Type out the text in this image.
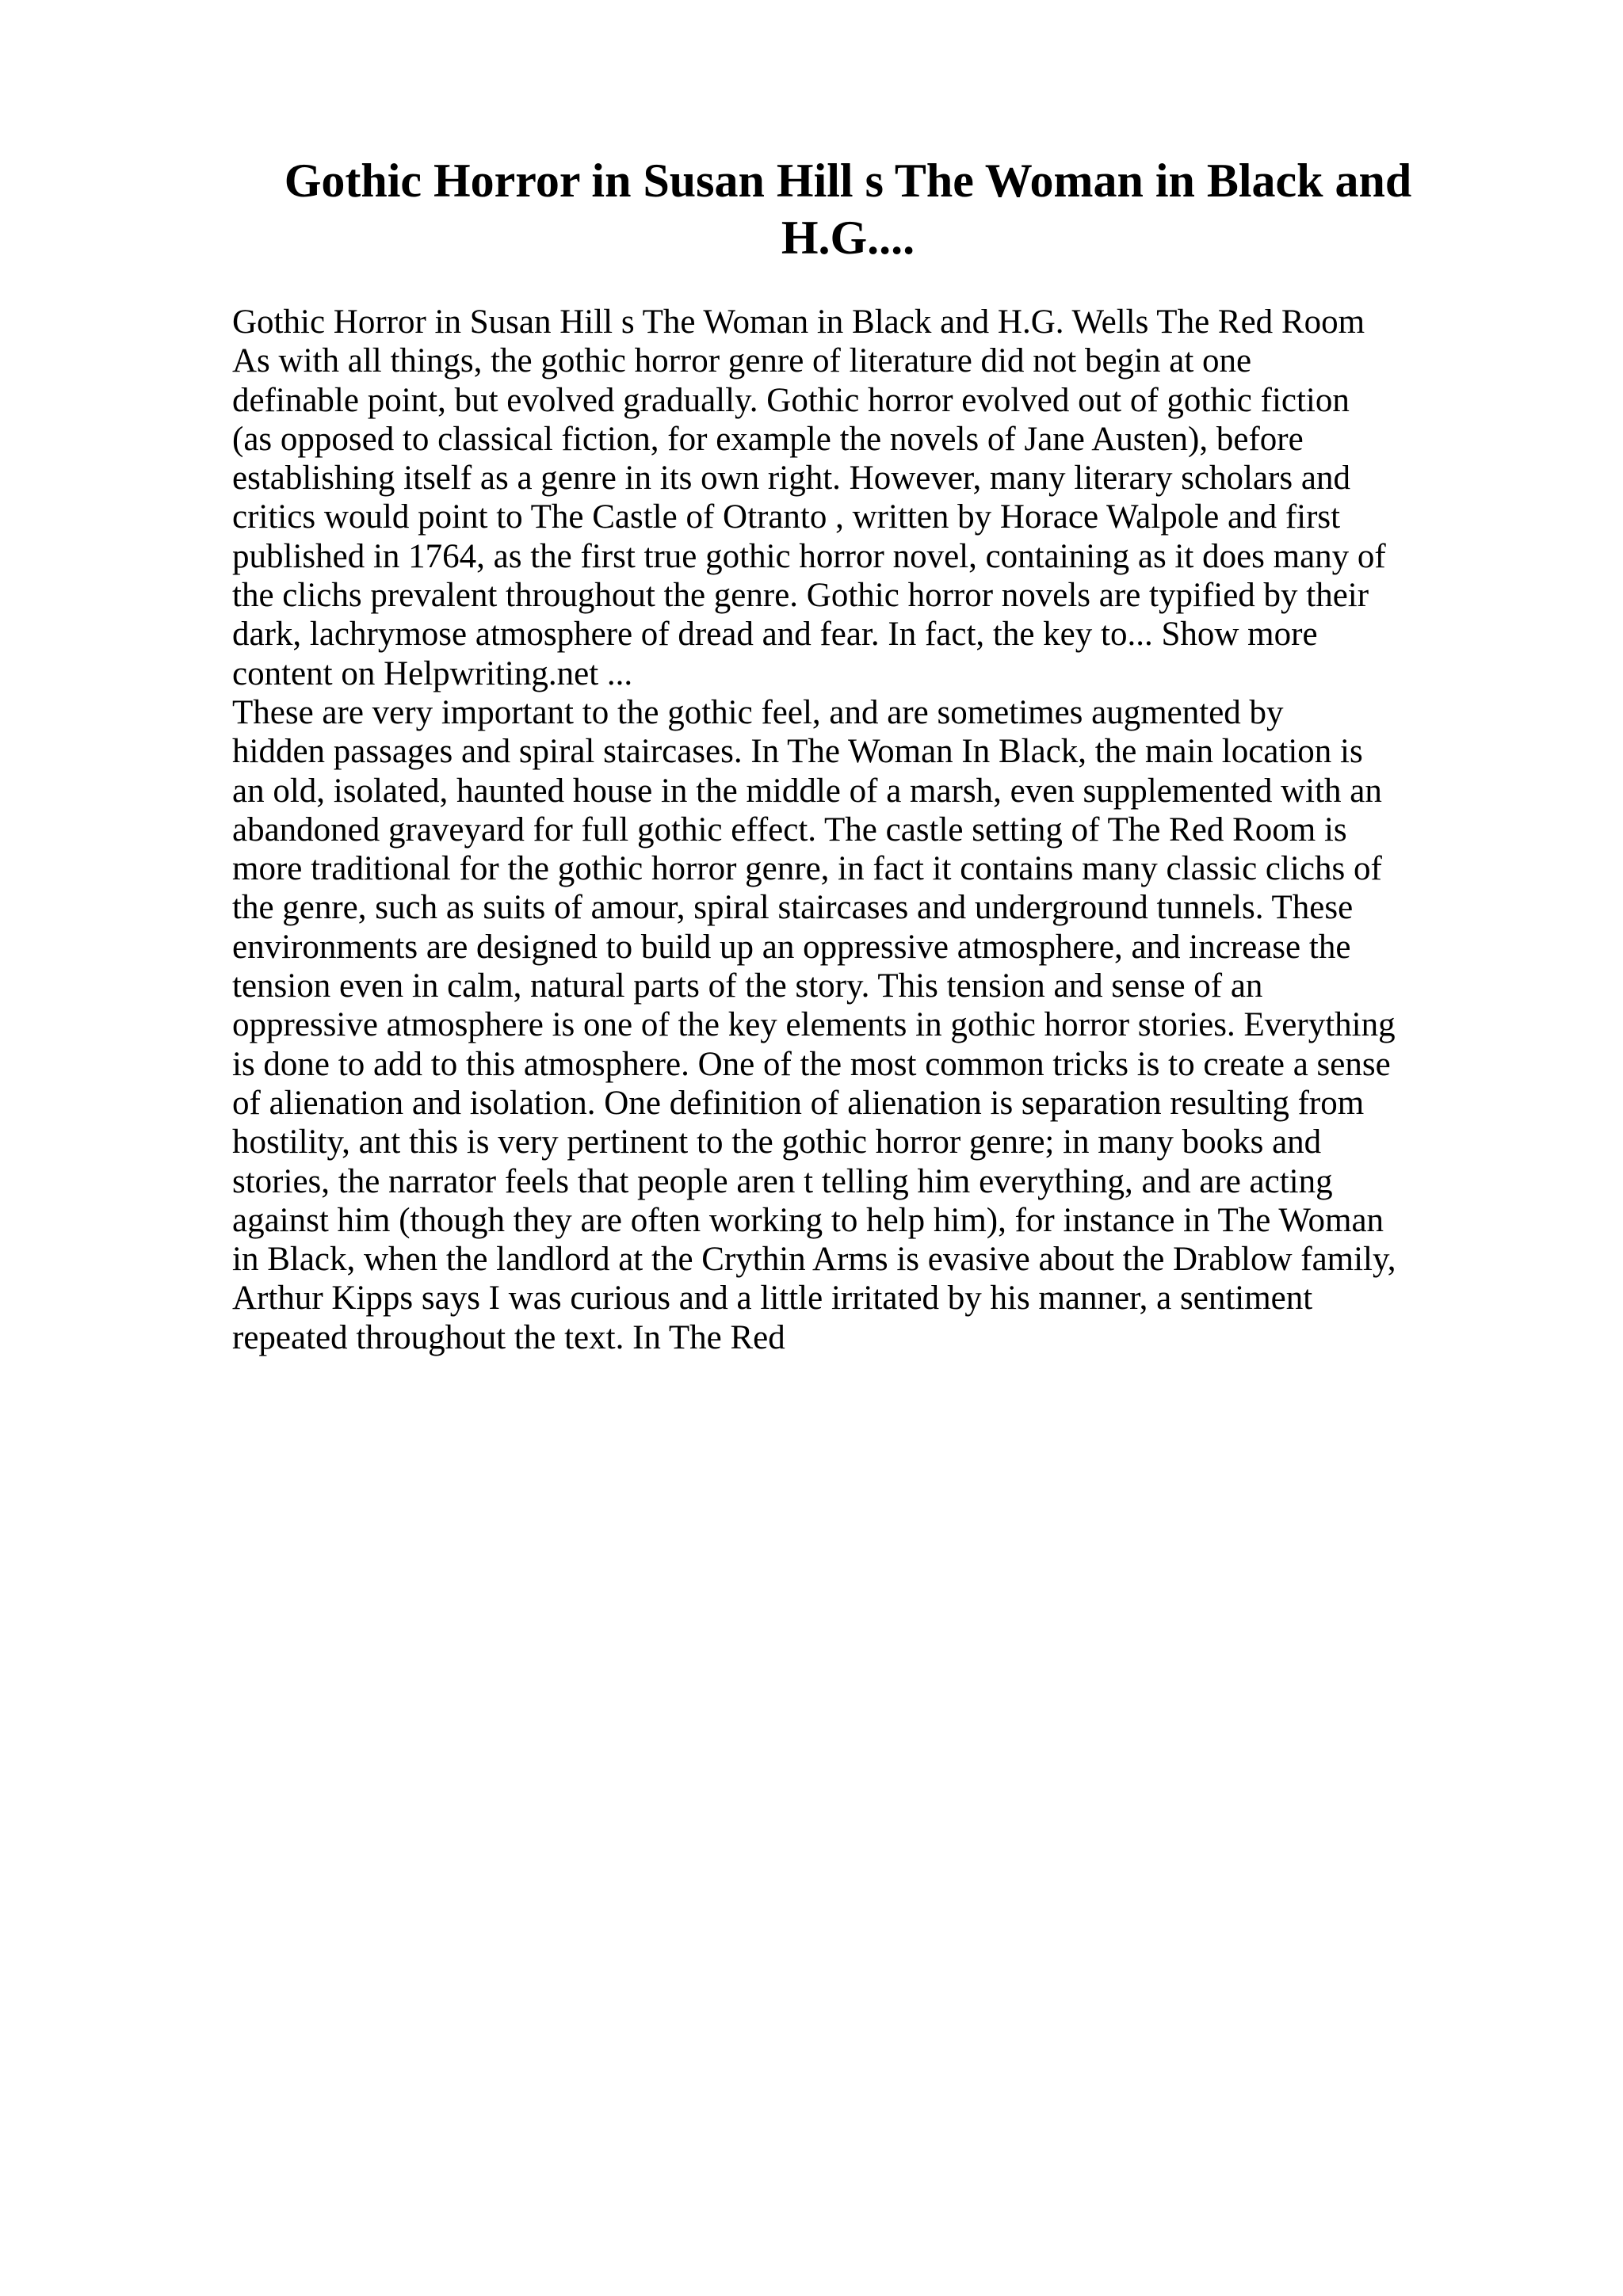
Gothic Horror in Susan Hill s The Woman in Black and
H.G....

Gothic Horror in Susan Hill s The Woman in Black and H.G. Wells The Red Room
As with all things, the gothic horror genre of literature did not begin at one
definable point, but evolved gradually. Gothic horror evolved out of gothic fiction
(as opposed to classical fiction, for example the novels of Jane Austen), before
establishing itself as a genre in its own right. However, many literary scholars and
critics would point to The Castle of Otranto , written by Horace Walpole and first
published in 1764, as the first true gothic horror novel, containing as it does many of
the clichs prevalent throughout the genre. Gothic horror novels are typified by their
dark, lachrymose atmosphere of dread and fear. In fact, the key to... Show more
content on Helpwriting.net ...

These are very important to the gothic feel, and are sometimes augmented by
hidden passages and spiral staircases. In The Woman In Black, the main location is
an old, isolated, haunted house in the middle of a marsh, even supplemented with an
abandoned graveyard for full gothic effect. The castle setting of The Red Room is
more traditional for the gothic horror genre, in fact it contains many classic clichs of
the genre, such as suits of amour, spiral staircases and underground tunnels. These
environments are designed to build up an oppressive atmosphere, and increase the
tension even in calm, natural parts of the story. This tension and sense of an
oppressive atmosphere is one of the key elements in gothic horror stories. Everything
is done to add to this atmosphere. One of the most common tricks is to create a sense
of alienation and isolation. One definition of alienation is separation resulting from
hostility, ant this is very pertinent to the gothic horror genre; in many books and
stories, the narrator feels that people aren t telling him everything, and are acting
against him (though they are often working to help him), for instance in The Woman
in Black, when the landlord at the Crythin Arms is evasive about the Drablow family,
Arthur Kipps says I was curious and a little irritated by his manner, a sentiment
repeated throughout the text. In The Red
